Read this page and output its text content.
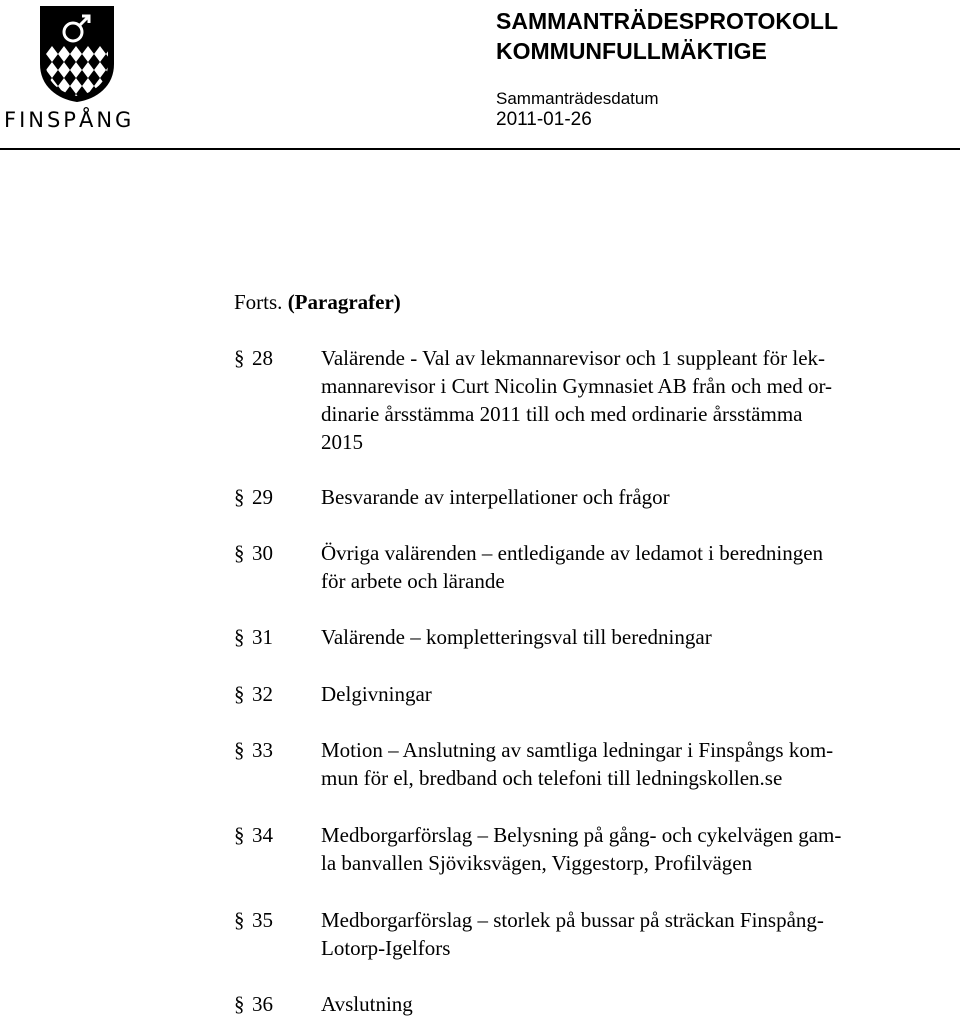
FINSPÅNG
SAMMANTRÄDESPROTOKOLL
KOMMUNFULLMÄKTIGE
Sammanträdesdatum
2011-01-26
Forts. (Paragrafer)
§ 28 Valärende - Val av lekmannarevisor och 1 suppleant för lek-
mannarevisor i Curt Nicolin Gymnasiet AB från och med or-
dinarie årsstämma 2011 till och med ordinarie årsstämma
2015
§ 29 Besvarande av interpellationer och frågor
§ 30 Övriga valärenden – entledigande av ledamot i beredningen
för arbete och lärande
§ 31 Valärende – kompletteringsval till beredningar
§ 32 Delgivningar
§ 33 Motion – Anslutning av samtliga ledningar i Finspångs kom-
mun för el, bredband och telefoni till ledningskollen.se
§ 34 Medborgarförslag – Belysning på gång- och cykelvägen gam-
la banvallen Sjöviksvägen, Viggestorp, Profilvägen
§ 35 Medborgarförslag – storlek på bussar på sträckan Finspång-
Lotorp-Igelfors
§ 36 Avslutning
